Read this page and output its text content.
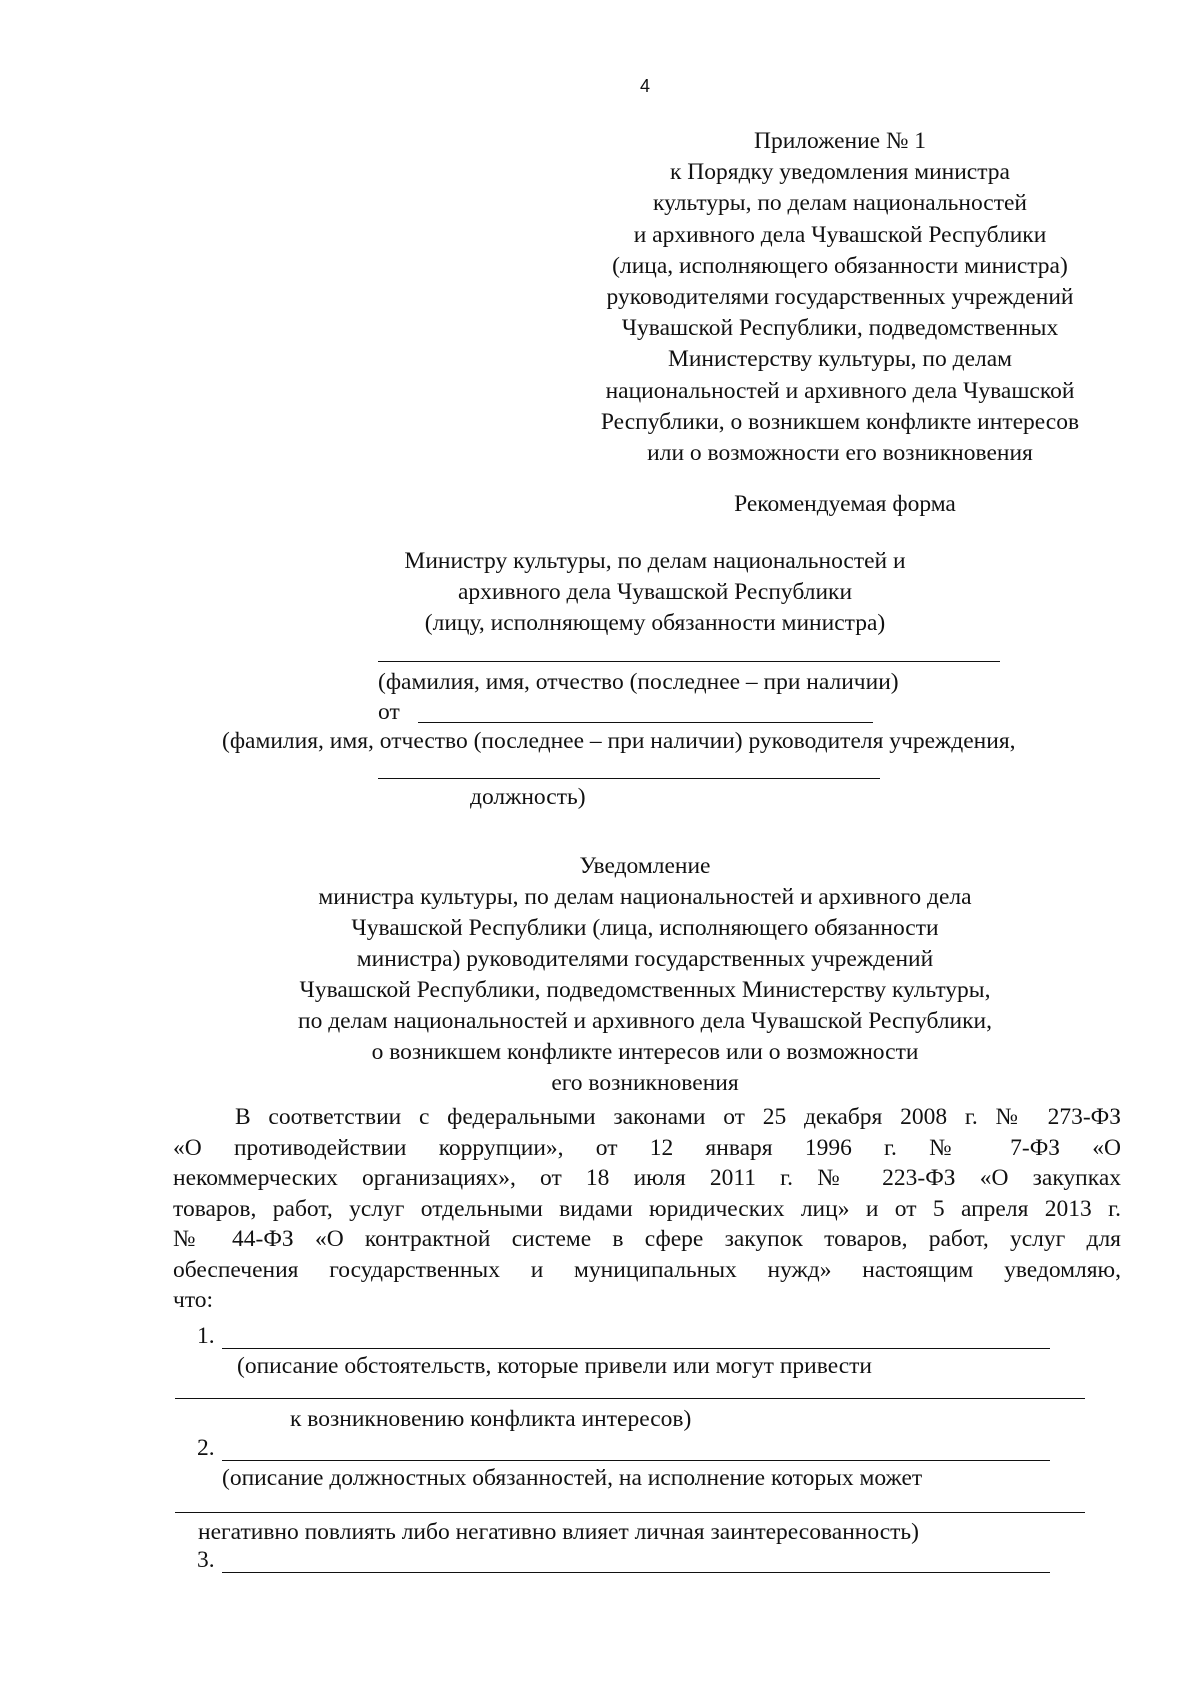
4
Приложение № 1
к Порядку уведомления министра
культуры, по делам национальностей
и архивного дела Чувашской Республики
(лица, исполняющего обязанности министра)
руководителями государственных учреждений
Чувашской Республики, подведомственных
Министерству культуры, по делам
национальностей и архивного дела Чувашской
Республики, о возникшем конфликте интересов
или о возможности его возникновения
Рекомендуемая форма
Министру культуры, по делам национальностей и
архивного дела Чувашской Республики
(лицу, исполняющему обязанности министра)
(фамилия, имя, отчество (последнее – при наличии)
от
(фамилия, имя, отчество (последнее – при наличии) руководителя учреждения,
должность)
Уведомление
министра культуры, по делам национальностей и архивного дела
Чувашской Республики (лица, исполняющего обязанности
министра) руководителями государственных учреждений
Чувашской Республики, подведомственных Министерству культуры,
по делам национальностей и архивного дела Чувашской Республики,
о возникшем конфликте интересов или о возможности
его возникновения
В соответствии с федеральными законами от 25 декабря 2008 г. № 273-ФЗ
«О противодействии коррупции», от 12 января 1996 г. № 7-ФЗ «О
некоммерческих организациях», от 18 июля 2011 г. № 223-ФЗ «О закупках
товаров, работ, услуг отдельными видами юридических лиц» и от 5 апреля 2013 г.
№ 44-ФЗ «О контрактной системе в сфере закупок товаров, работ, услуг для
обеспечения государственных и муниципальных нужд» настоящим уведомляю,
что:
1.
(описание обстоятельств, которые привели или могут привести
к возникновению конфликта интересов)
2.
(описание должностных обязанностей, на исполнение которых может
негативно повлиять либо негативно влияет личная заинтересованность)
3.
